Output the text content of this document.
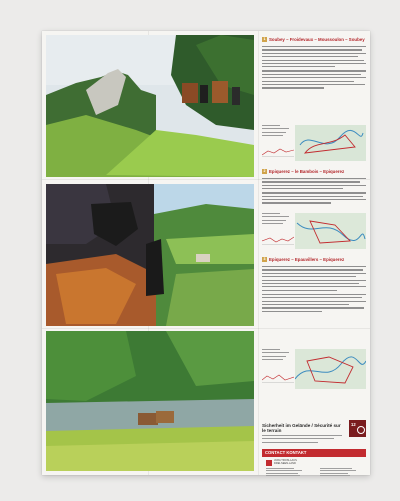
1 Soubey – Froidevaux – Moussoulon – Soubey
2 Epiquerez – le Bambois – Epiquerez
3 Epiquerez – Epauvillers – Epiquerez
Sicherheit im Gelände / Sécurité sur le terrain
12
CONTACT KONTAKT
JURA TROIS-LACS DREI-SEEN-LAND
